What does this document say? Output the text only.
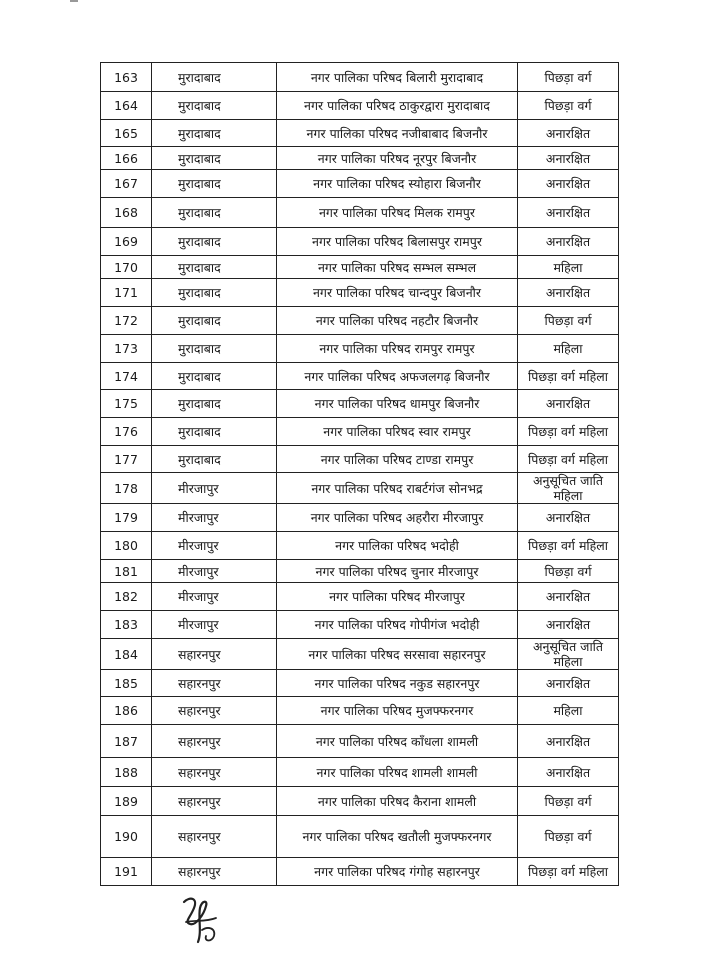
163	मुरादाबाद	नगर पालिका परिषद बिलारी मुरादाबाद	पिछड़ा वर्ग
164	मुरादाबाद	नगर पालिका परिषद ठाकुरद्वारा मुरादाबाद	पिछड़ा वर्ग
165	मुरादाबाद	नगर पालिका परिषद नजीबाबाद बिजनौर	अनारक्षित
166	मुरादाबाद	नगर पालिका परिषद नूरपुर बिजनौर	अनारक्षित
167	मुरादाबाद	नगर पालिका परिषद स्योहारा बिजनौर	अनारक्षित
168	मुरादाबाद	नगर पालिका परिषद मिलक रामपुर	अनारक्षित
169	मुरादाबाद	नगर पालिका परिषद बिलासपुर रामपुर	अनारक्षित
170	मुरादाबाद	नगर पालिका परिषद सम्भल सम्भल	महिला
171	मुरादाबाद	नगर पालिका परिषद चान्दपुर बिजनौर	अनारक्षित
172	मुरादाबाद	नगर पालिका परिषद नहटौर बिजनौर	पिछड़ा वर्ग
173	मुरादाबाद	नगर पालिका परिषद रामपुर रामपुर	महिला
174	मुरादाबाद	नगर पालिका परिषद अफजलगढ़ बिजनौर	पिछड़ा वर्ग महिला
175	मुरादाबाद	नगर पालिका परिषद धामपुर बिजनौर	अनारक्षित
176	मुरादाबाद	नगर पालिका परिषद स्वार रामपुर	पिछड़ा वर्ग महिला
177	मुरादाबाद	नगर पालिका परिषद टाण्डा रामपुर	पिछड़ा वर्ग महिला
178	मीरजापुर	नगर पालिका परिषद राबर्टगंज सोनभद्र	अनुसूचित जाति महिला
179	मीरजापुर	नगर पालिका परिषद अहरौरा मीरजापुर	अनारक्षित
180	मीरजापुर	नगर पालिका परिषद भदोही	पिछड़ा वर्ग महिला
181	मीरजापुर	नगर पालिका परिषद चुनार मीरजापुर	पिछड़ा वर्ग
182	मीरजापुर	नगर पालिका परिषद मीरजापुर	अनारक्षित
183	मीरजापुर	नगर पालिका परिषद गोपीगंज भदोही	अनारक्षित
184	सहारनपुर	नगर पालिका परिषद सरसावा सहारनपुर	अनुसूचित जाति महिला
185	सहारनपुर	नगर पालिका परिषद नकुड सहारनपुर	अनारक्षित
186	सहारनपुर	नगर पालिका परिषद मुजफ्फरनगर	महिला
187	सहारनपुर	नगर पालिका परिषद काँधला शामली	अनारक्षित
188	सहारनपुर	नगर पालिका परिषद शामली शामली	अनारक्षित
189	सहारनपुर	नगर पालिका परिषद कैराना शामली	पिछड़ा वर्ग
190	सहारनपुर	नगर पालिका परिषद खतौली मुजफ्फरनगर	पिछड़ा वर्ग
191	सहारनपुर	नगर पालिका परिषद गंगोह सहारनपुर	पिछड़ा वर्ग महिला
